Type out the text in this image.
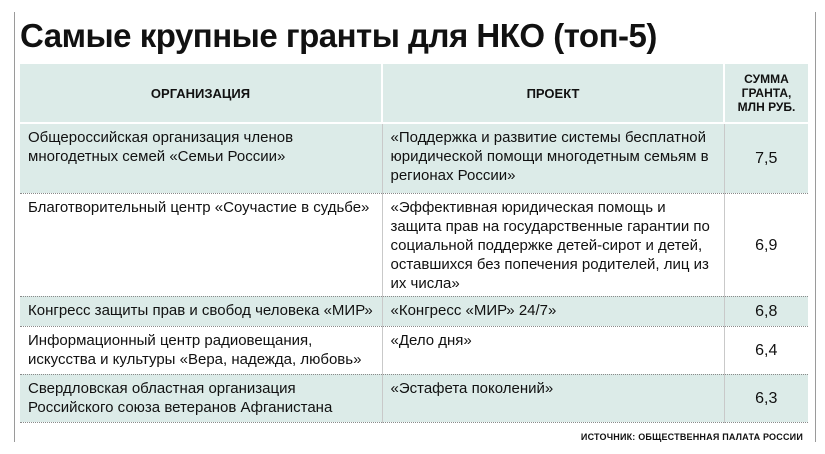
Самые крупные гранты для НКО (топ-5)
ОРГАНИЗАЦИЯ	ПРОЕКТ	СУММА ГРАНТА, МЛН РУБ.
Общероссийская организация членов многодетных семей «Семьи России»	«Поддержка и развитие системы бесплатной юридической помощи многодетным семьям в регионах России»	7,5
Благотворительный центр «Соучастие в судьбе»	«Эффективная юридическая помощь и защита прав на государственные гарантии по социальной поддержке детей-сирот и детей, оставшихся без попечения родителей, лиц из их числа»	6,9
Конгресс защиты прав и свобод человека «МИР»	«Конгресс «МИР» 24/7»	6,8
Информационный центр радиовещания, искусства и культуры «Вера, надежда, любовь»	«Дело дня»	6,4
Свердловская областная организация Российского союза ветеранов Афганистана	«Эстафета поколений»	6,3
ИСТОЧНИК: ОБЩЕСТВЕННАЯ ПАЛАТА РОССИИ
